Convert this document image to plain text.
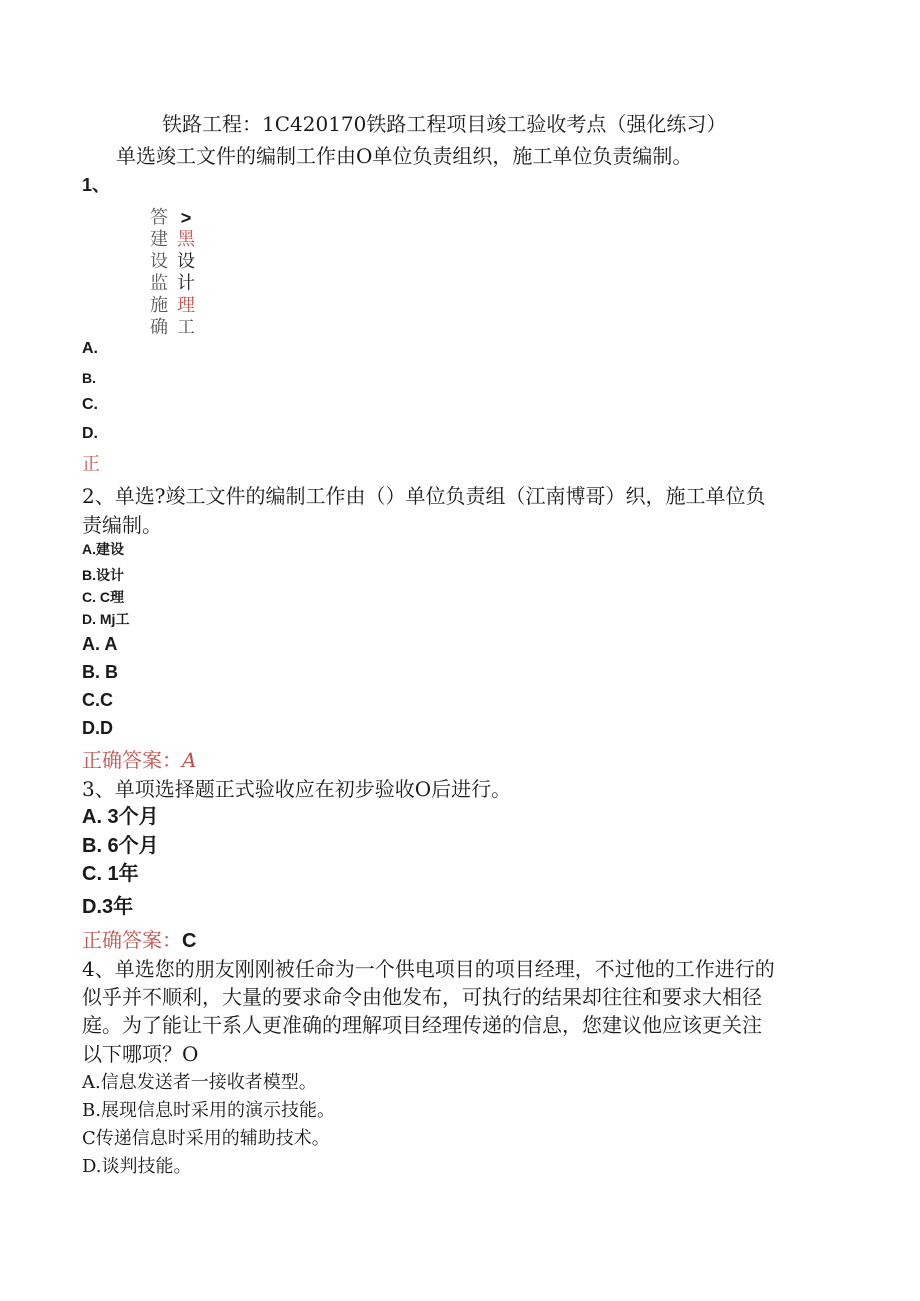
铁路工程：1C420170铁路工程项目竣工验收考点（强化练习）
单选竣工文件的编制工作由O单位负责组织，施工单位负责编制。
1、
答
建
设
监
施
确
>
黑
设
计
理
工
A.
B.
C.
D.
正
2、单选?竣工文件的编制工作由（）单位负责组（江南博哥）织，施工单位负
责编制。
A.建设
B.设计
C. C理
D. Mj工
A. A
B. B
C.C
D.D
正确答案：A
3、单项选择题正式验收应在初步验收O后进行。
A. 3个月
B. 6个月
C. 1年
D.3年
正确答案：C
4、单选您的朋友刚刚被任命为一个供电项目的项目经理，不过他的工作进行的
似乎并不顺利，大量的要求命令由他发布，可执行的结果却往往和要求大相径
庭。为了能让干系人更准确的理解项目经理传递的信息，您建议他应该更关注
以下哪项？O
A.信息发送者一接收者模型。
B.展现信息时采用的演示技能。
C传递信息时采用的辅助技术。
D.谈判技能。
